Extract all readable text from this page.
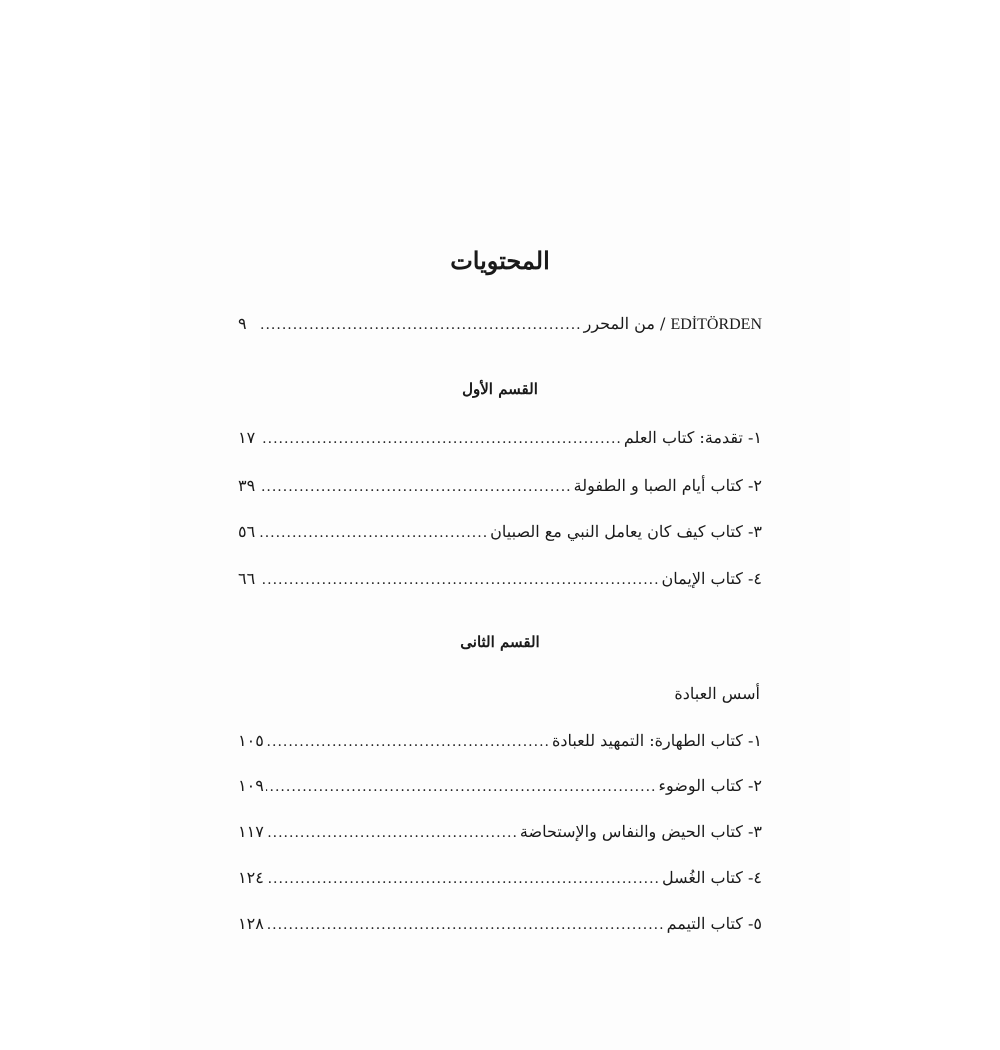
المحتويات
EDİTÖRDEN / من المحرر
.....
٩
القسم الأول
١- تقدمة: كتاب العلم
.....
١٧
٢- كتاب أيام الصبا و الطفولة
.....
٣٩
٣- كتاب كيف كان يعامل النبي مع الصبيان
.....
٥٦
٤- كتاب الإيمان
.....
٦٦
القسم الثانى
أسس العبادة
١- كتاب الطهارة: التمهيد للعبادة
.....
١٠٥
٢- كتاب الوضوء
.....
١٠٩
٣- كتاب الحيض والنفاس والإستحاضة
.....
١١٧
٤- كتاب الغُسل
.....
١٢٤
٥- كتاب التيمم
.....
١٢٨
